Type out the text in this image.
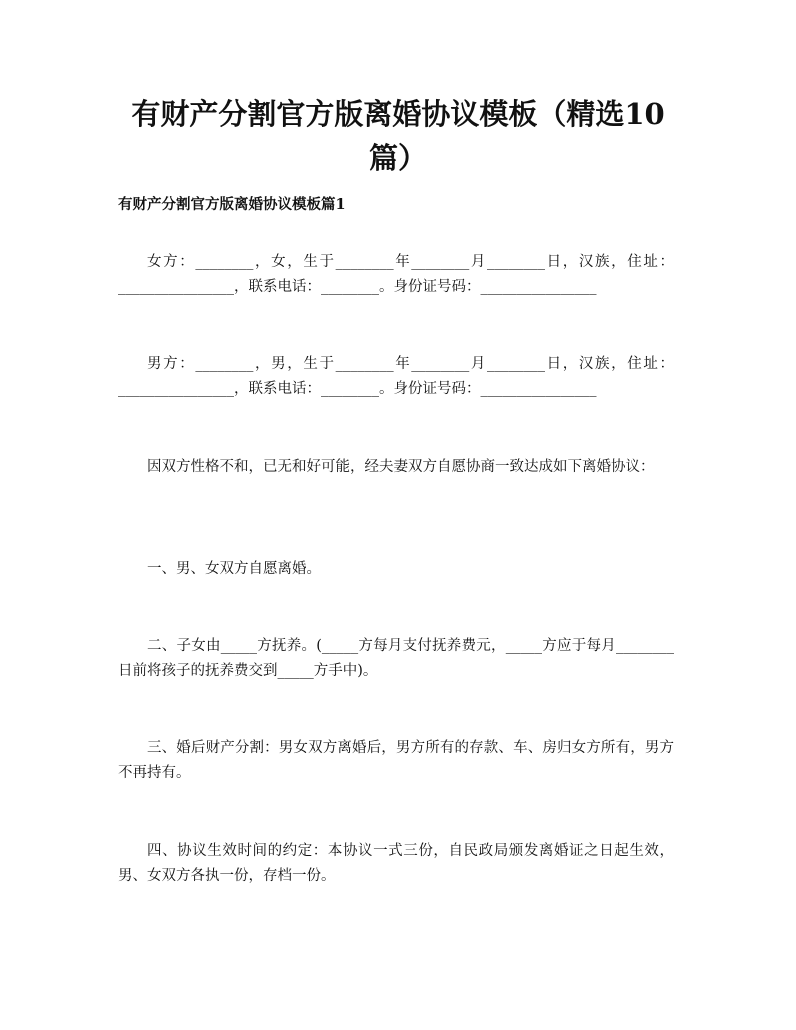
有财产分割官方版离婚协议模板（精选10篇）
有财产分割官方版离婚协议模板篇1

女方：________，女，生于________年________月________日，汉族，住址：________________，联系电话：________。身份证号码：________________

男方：________，男，生于________年________月________日，汉族，住址：________________，联系电话：________。身份证号码：________________

因双方性格不和，已无和好可能，经夫妻双方自愿协商一致达成如下离婚协议：

一、男、女双方自愿离婚。

二、子女由_____方抚养。(_____方每月支付抚养费元，_____方应于每月________日前将孩子的抚养费交到_____方手中)。

三、婚后财产分割：男女双方离婚后，男方所有的存款、车、房归女方所有，男方不再持有。

四、协议生效时间的约定：本协议一式三份，自民政局颁发离婚证之日起生效，男、女双方各执一份，存档一份。
